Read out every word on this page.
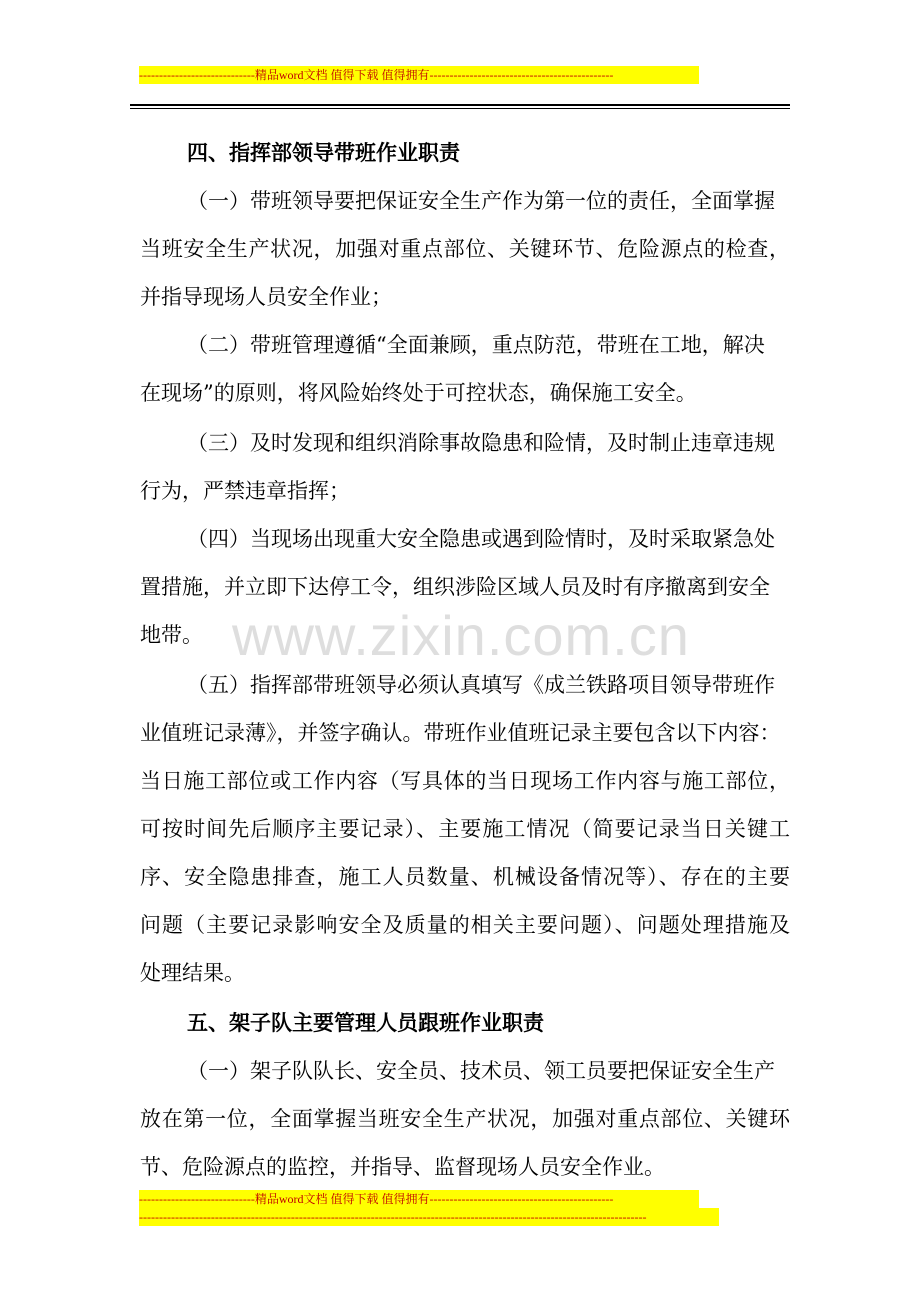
-----------------------------精品word文档 值得下载 值得拥有----------------------------------------------
www.zixin.com.cn
四、指挥部领导带班作业职责
（一）带班领导要把保证安全生产作为第一位的责任，全面掌握
当班安全生产状况，加强对重点部位、关键环节、危险源点的检查，
并指导现场人员安全作业；
（二）带班管理遵循“全面兼顾，重点防范，带班在工地，解决
在现场”的原则，将风险始终处于可控状态，确保施工安全。
（三）及时发现和组织消除事故隐患和险情，及时制止违章违规
行为，严禁违章指挥；
（四）当现场出现重大安全隐患或遇到险情时，及时采取紧急处
置措施，并立即下达停工令，组织涉险区域人员及时有序撤离到安全
地带。
（五）指挥部带班领导必须认真填写《成兰铁路项目领导带班作
业值班记录薄》，并签字确认。带班作业值班记录主要包含以下内容：
当日施工部位或工作内容（写具体的当日现场工作内容与施工部位，
可按时间先后顺序主要记录）、主要施工情况（简要记录当日关键工
序、安全隐患排查，施工人员数量、机械设备情况等）、存在的主要
问题（主要记录影响安全及质量的相关主要问题）、问题处理措施及
处理结果。
五、架子队主要管理人员跟班作业职责
（一）架子队队长、安全员、技术员、领工员要把保证安全生产
放在第一位，全面掌握当班安全生产状况，加强对重点部位、关键环
节、危险源点的监控，并指导、监督现场人员安全作业。
-----------------------------精品word文档 值得下载 值得拥有----------------------------------------------
-------------------------------------------------------------------------------------------------------------------------------
